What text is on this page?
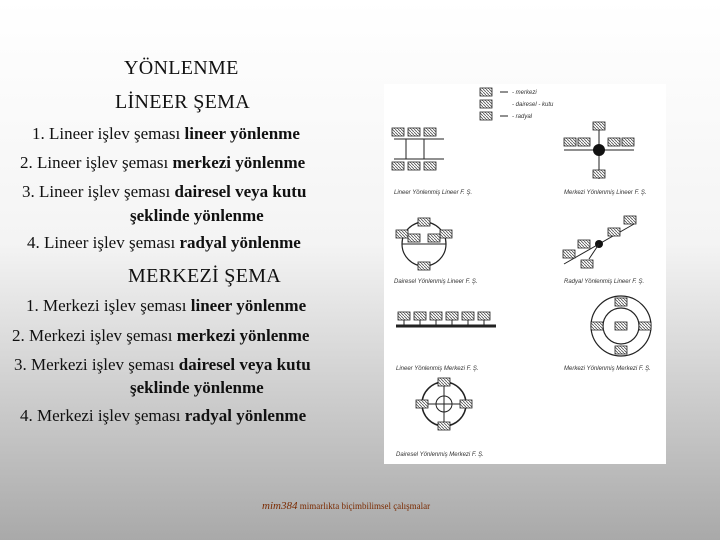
YÖNLENME
LİNEER ŞEMA
1. Lineer işlev şeması lineer yönlenme
2. Lineer işlev şeması merkezi yönlenme
3. Lineer işlev şeması dairesel veya kutu
şeklinde yönlenme
4. Lineer işlev şeması radyal yönlenme
MERKEZİ ŞEMA
1. Merkezi işlev şeması lineer yönlenme
2. Merkezi işlev şeması merkezi yönlenme
3. Merkezi işlev şeması dairesel veya kutu
şeklinde yönlenme
4. Merkezi işlev şeması radyal yönlenme
- merkezi
- dairesel - kutu
- radyal
Lineer Yönlenmiş Lineer F. Ş.	Merkezi Yönlenmiş Lineer F. Ş.
Dairesel Yönlenmiş Lineer F. Ş.	Radyal Yönlenmiş Lineer F. Ş.
Lineer Yönlenmiş Merkezi F. Ş.	Merkezi Yönlenmiş Merkezi F. Ş.
Dairesel Yönlenmiş Merkezi F. Ş.
mim384 mimarlıkta biçimbilimsel çalışmalar
